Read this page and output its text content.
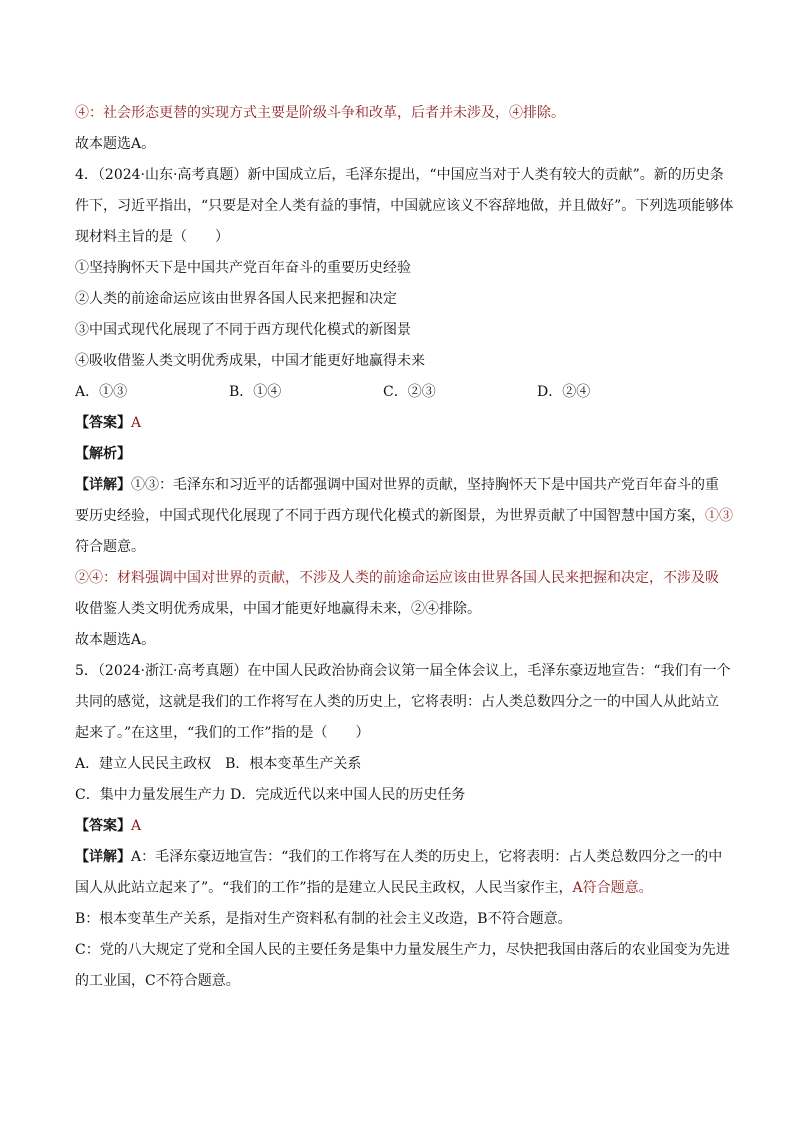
④：社会形态更替的实现方式主要是阶级斗争和改革，后者并未涉及，④排除。

故本题选A。

4．（2024·山东·高考真题）新中国成立后，毛泽东提出，“中国应当对于人类有较大的贡献”。新的历史条

件下，习近平指出，“只要是对全人类有益的事情，中国就应该义不容辞地做，并且做好”。下列选项能够体

现材料主旨的是（　　）

①坚持胸怀天下是中国共产党百年奋斗的重要历史经验

②人类的前途命运应该由世界各国人民来把握和决定

③中国式现代化展现了不同于西方现代化模式的新图景

④吸收借鉴人类文明优秀成果，中国才能更好地赢得未来

A．①③	B．①④	C．②③	D．②④

【答案】A

【解析】

【详解】①③：毛泽东和习近平的话都强调中国对世界的贡献，坚持胸怀天下是中国共产党百年奋斗的重

要历史经验，中国式现代化展现了不同于西方现代化模式的新图景，为世界贡献了中国智慧中国方案，①③

符合题意。

②④：材料强调中国对世界的贡献，不涉及人类的前途命运应该由世界各国人民来把握和决定，不涉及吸

收借鉴人类文明优秀成果，中国才能更好地赢得未来，②④排除。

故本题选A。

5．（2024·浙江·高考真题）在中国人民政治协商会议第一届全体会议上，毛泽东豪迈地宣告：“我们有一个

共同的感觉，这就是我们的工作将写在人类的历史上，它将表明：占人类总数四分之一的中国人从此站立

起来了。”在这里，“我们的工作”指的是（　　）

A．建立人民民主政权　B．根本变革生产关系

C．集中力量发展生产力 D．完成近代以来中国人民的历史任务

【答案】A

【详解】A：毛泽东豪迈地宣告：“我们的工作将写在人类的历史上，它将表明：占人类总数四分之一的中

国人从此站立起来了”。“我们的工作”指的是建立人民民主政权，人民当家作主，A符合题意。

B：根本变革生产关系，是指对生产资料私有制的社会主义改造，B不符合题意。

C：党的八大规定了党和全国人民的主要任务是集中力量发展生产力，尽快把我国由落后的农业国变为先进

的工业国，C不符合题意。
